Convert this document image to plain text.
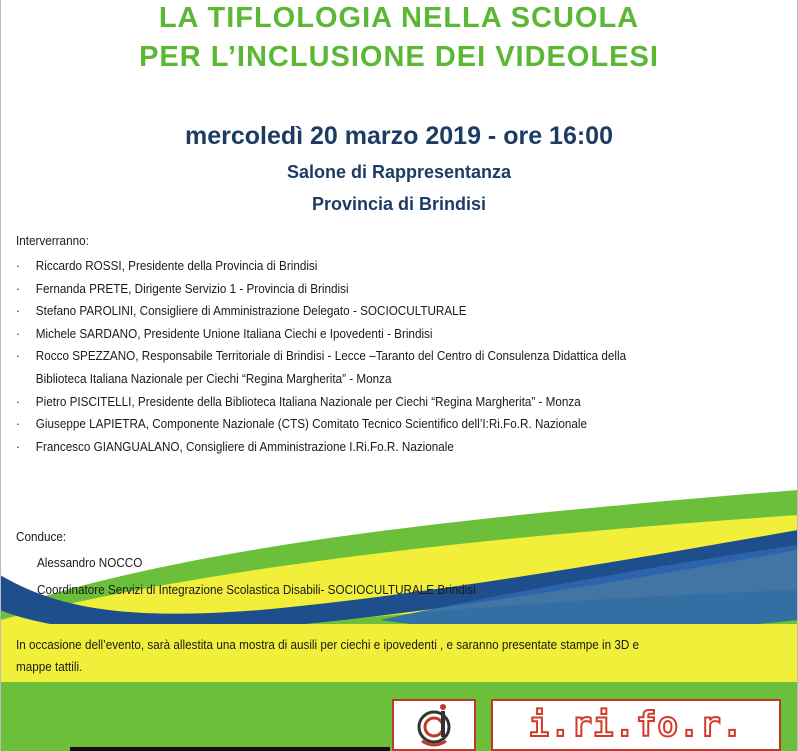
LA TIFLOLOGIA NELLA SCUOLA
PER L’INCLUSIONE DEI VIDEOLESI
mercoledì 20 marzo 2019 - ore 16:00
Salone di Rappresentanza
Provincia di Brindisi
Interverranno:
· Riccardo ROSSI, Presidente della Provincia di Brindisi
· Fernanda PRETE, Dirigente Servizio 1 - Provincia di Brindisi
· Stefano PAROLINI, Consigliere di Amministrazione Delegato - SOCIOCULTURALE
· Michele SARDANO, Presidente Unione Italiana Ciechi e Ipovedenti - Brindisi
· Rocco SPEZZANO, Responsabile Territoriale di Brindisi - Lecce –Taranto del Centro di Consulenza Didattica della
Biblioteca Italiana Nazionale per Ciechi “Regina Margherita” - Monza
· Pietro PISCITELLI, Presidente della Biblioteca Italiana Nazionale per Ciechi “Regina Margherita” - Monza
· Giuseppe LAPIETRA, Componente Nazionale (CTS) Comitato Tecnico Scientifico dell’I:Ri.Fo.R. Nazionale
· Francesco GIANGUALANO, Consigliere di Amministrazione I.Ri.Fo.R. Nazionale
Conduce:
Alessandro NOCCO
Coordinatore Servizi di Integrazione Scolastica Disabili- SOCIOCULTURALE Brindisi
In occasione dell’evento, sarà allestita una mostra di ausili per ciechi e ipovedenti , e saranno presentate stampe in 3D e
mappe tattili.
i.ri.fo.r.
